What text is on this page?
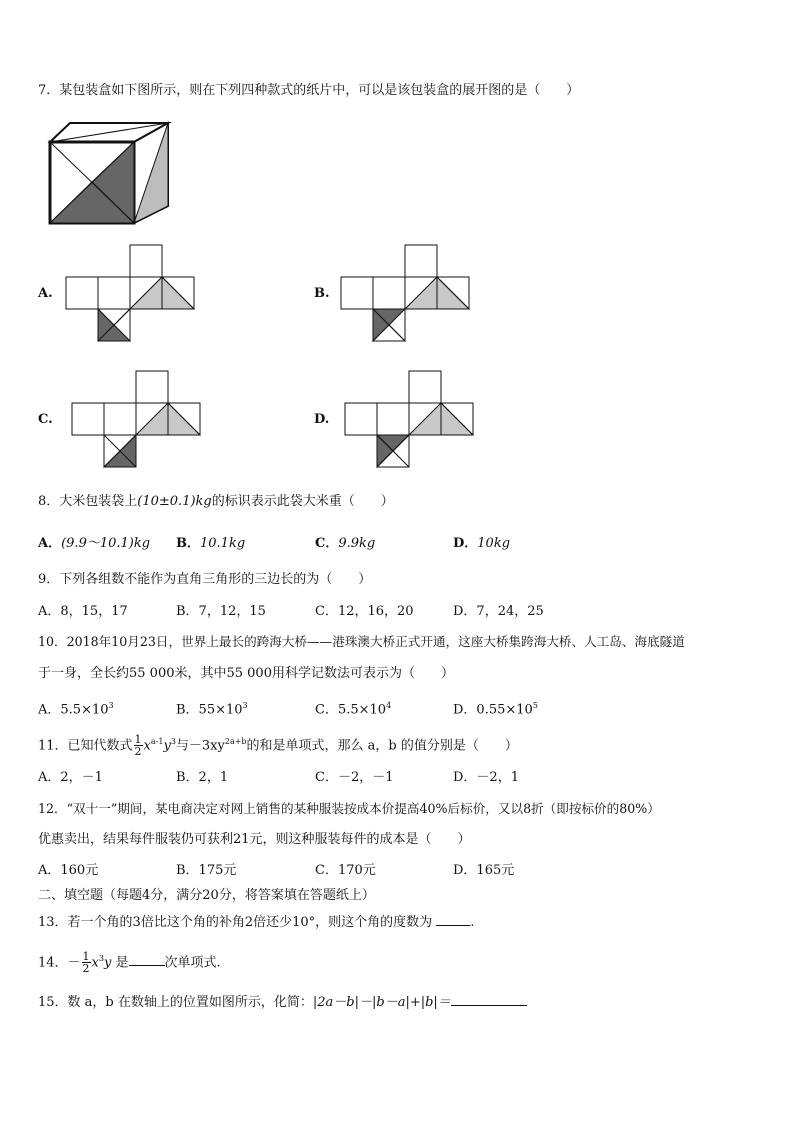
7．某包装盒如下图所示，则在下列四种款式的纸片中，可以是该包装盒的展开图的是（　　）
A.	B.
C.	D.
8．大米包装袋上(10±0.1)kg的标识表示此袋大米重（　　）
A．(9.9～10.1)kg B．10.1kg	C．9.9kg	D．10kg
9．下列各组数不能作为直角三角形的三边长的为（　　）
A．8，15，17	B．7，12，15	C．12，16，20	D．7，24，25
10．2018年10月23日，世界上最长的跨海大桥——港珠澳大桥正式开通，这座大桥集跨海大桥、人工岛、海底隧道
于一身，全长约55 000米，其中55 000用科学记数法可表示为（　　）
A．$5.5\times 10^3$	B．$55\times 10^3$	C．$5.5\times 10^4$	D．$0.55\times 10^5$
11．已知代数式 $\frac{1}{2} x^{a-1}y^3$与$-3xy^{2a+b}$的和是单项式，那么 a，b 的值分别是（　　）
A．2，－1	B．2，1	C．－2，－1	D．－2，1
12．“双十一”期间，某电商决定对网上销售的某种服装按成本价提高40%后标价，又以8折（即按标价的80%）
优惠卖出，结果每件服装仍可获利21元，则这种服装每件的成本是（　　）
A．160元	B．175元	C．170元	D．165元
二、填空题（每题4分，满分20分，将答案填在答题纸上）
13．若一个角的3倍比这个角的补角2倍还少10°，则这个角的度数为	.
14．－ $\frac{1}{2} x^3y$ 是	次单项式.
15．数 a，b 在数轴上的位置如图所示，化简：|2a－b|－|b－a|+|b|＝
